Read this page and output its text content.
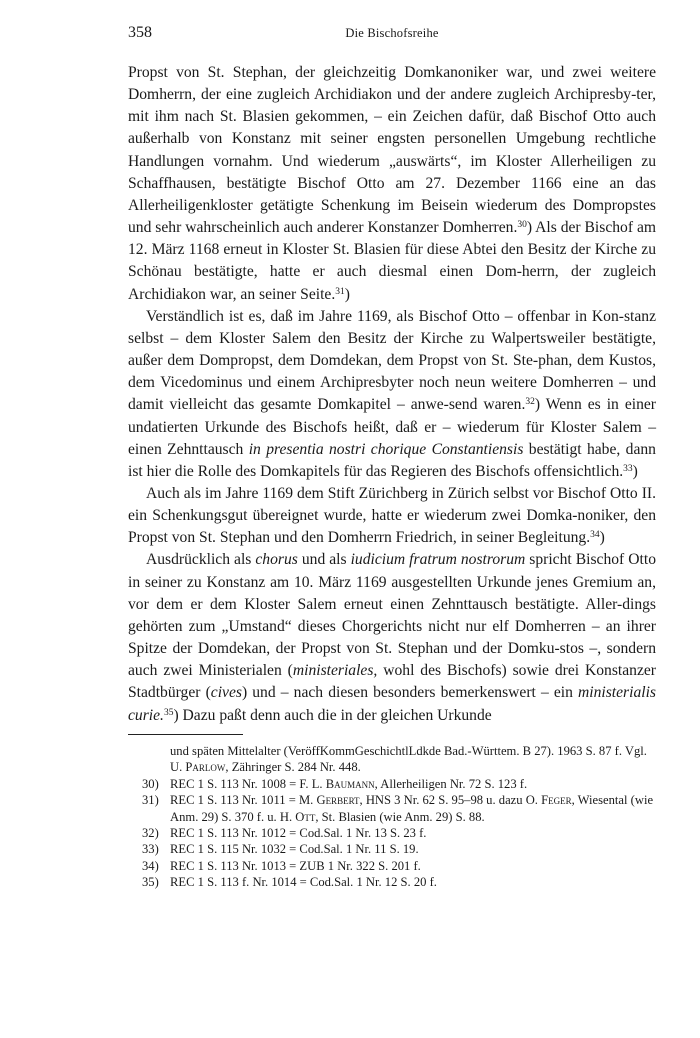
358	Die Bischofsreihe

Propst von St. Stephan, der gleichzeitig Domkanoniker war, und zwei weitere Domherrn, der eine zugleich Archidiakon und der andere zugleich Archipresby-ter, mit ihm nach St. Blasien gekommen, – ein Zeichen dafür, daß Bischof Otto auch außerhalb von Konstanz mit seiner engsten personellen Umgebung rechtliche Handlungen vornahm. Und wiederum „auswärts“, im Kloster Allerheiligen zu Schaffhausen, bestätigte Bischof Otto am 27. Dezember 1166 eine an das Allerheiligenkloster getätigte Schenkung im Beisein wiederum des Dompropstes und sehr wahrscheinlich auch anderer Konstanzer Domherren.$^{30}$) Als der Bischof am 12. März 1168 erneut in Kloster St. Blasien für diese Abtei den Besitz der Kirche zu Schönau bestätigte, hatte er auch diesmal einen Dom-herrn, der zugleich Archidiakon war, an seiner Seite.$^{31}$)

Verständlich ist es, daß im Jahre 1169, als Bischof Otto – offenbar in Kon-stanz selbst – dem Kloster Salem den Besitz der Kirche zu Walpertsweiler bestätigte, außer dem Dompropst, dem Domdekan, dem Propst von St. Ste-phan, dem Kustos, dem Vicedominus und einem Archipresbyter noch neun weitere Domherren – und damit vielleicht das gesamte Domkapitel – anwe-send waren.$^{32}$) Wenn es in einer undatierten Urkunde des Bischofs heißt, daß er – wiederum für Kloster Salem – einen Zehnttausch in presentia nostri chorique Constantiensis bestätigt habe, dann ist hier die Rolle des Domkapitels für das Regieren des Bischofs offensichtlich.$^{33}$)

Auch als im Jahre 1169 dem Stift Zürichberg in Zürich selbst vor Bischof Otto II. ein Schenkungsgut übereignet wurde, hatte er wiederum zwei Domka-noniker, den Propst von St. Stephan und den Domherrn Friedrich, in seiner Begleitung.$^{34}$)

Ausdrücklich als chorus und als iudicium fratrum nostrorum spricht Bischof Otto in seiner zu Konstanz am 10. März 1169 ausgestellten Urkunde jenes Gremium an, vor dem er dem Kloster Salem erneut einen Zehnttausch bestätigte. Aller-dings gehörten zum „Umstand“ dieses Chorgerichts nicht nur elf Domherren – an ihrer Spitze der Domdekan, der Propst von St. Stephan und der Domku-stos –, sondern auch zwei Ministerialen (ministeriales, wohl des Bischofs) sowie drei Konstanzer Stadtbürger (cives) und – nach diesen besonders bemerkenswert – ein ministerialis curie.$^{35}$) Dazu paßt denn auch die in der gleichen Urkunde

und späten Mittelalter (VeröffKommGeschichtlLdkde Bad.-Württem. B 27). 1963 S. 87 f. Vgl. U. Parlow, Zähringer S. 284 Nr. 448.

30) REC 1 S. 113 Nr. 1008 = F. L. Baumann, Allerheiligen Nr. 72 S. 123 f.

31) REC 1 S. 113 Nr. 1011 = M. Gerbert, HNS 3 Nr. 62 S. 95–98 u. dazu O. Feger, Wiesental (wie Anm. 29) S. 370 f. u. H. Ott, St. Blasien (wie Anm. 29) S. 88.

32) REC 1 S. 113 Nr. 1012 = Cod.Sal. 1 Nr. 13 S. 23 f.

33) REC 1 S. 115 Nr. 1032 = Cod.Sal. 1 Nr. 11 S. 19.

34) REC 1 S. 113 Nr. 1013 = ZUB 1 Nr. 322 S. 201 f.

35) REC 1 S. 113 f. Nr. 1014 = Cod.Sal. 1 Nr. 12 S. 20 f.
